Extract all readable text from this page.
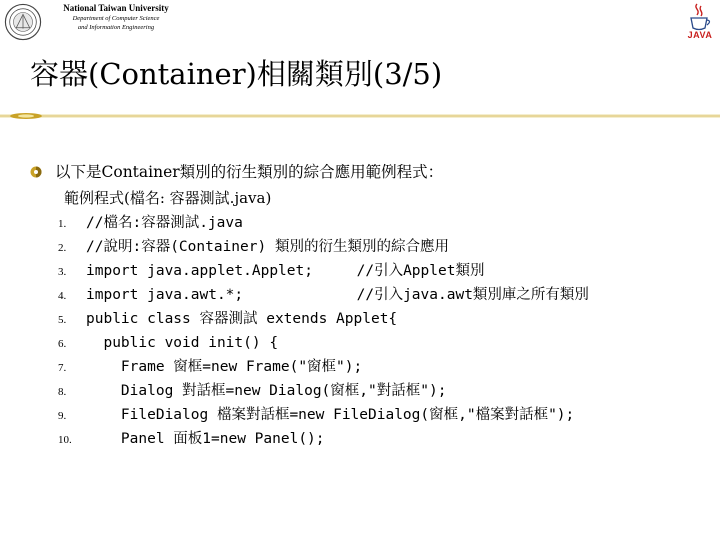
National Taiwan University
Department of Computer Science
and Information Engineering
JAVA
容器(Container)相關類別(3/5)
以下是Container類別的衍生類別的綜合應用範例程式：
範例程式(檔名: 容器測試.java)
1. //檔名:容器測試.java
2. //說明:容器(Container) 類別的衍生類別的綜合應用
3. import java.applet.Applet;     //引入Applet類別
4. import java.awt.*;             //引入java.awt類別庫之所有類別
5. public class 容器測試 extends Applet{
6.  public void init() {
7.    Frame 窗框=new Frame("窗框");
8.    Dialog 對話框=new Dialog(窗框,"對話框");
9.    FileDialog 檔案對話框=new FileDialog(窗框,"檔案對話框");
10.    Panel 面板1=new Panel();
